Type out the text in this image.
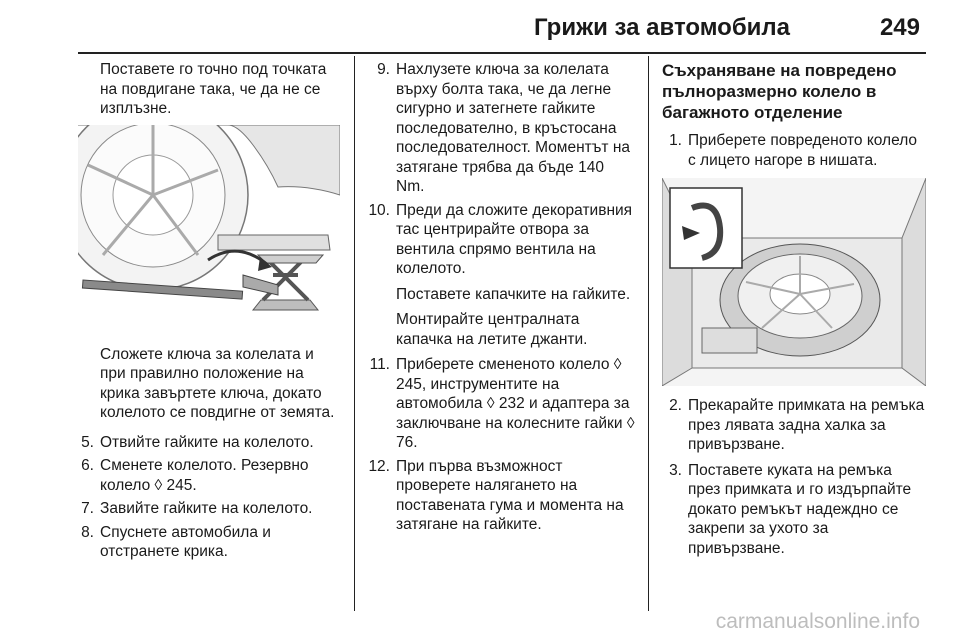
Грижи за автомобила	249

Поставете го точно под точката на повдигане така, че да не се изплъзне.

Сложете ключа за колелата и при правилно положение на крика завъртете ключа, докато колелото се повдигне от земята.

5. Отвийте гайките на колелото.
6. Сменете колелото. Резервно колело ◊ 245.
7. Завийте гайките на колелото.
8. Спуснете автомобила и отстранете крика.
9. Нахлузете ключа за колелата върху болта така, че да легне сигурно и затегнете гайките последователно, в кръстосана последователност. Моментът на затягане трябва да бъде 140 Nm.
10. Преди да сложите декоративния тас центрирайте отвора за вентила спрямо вентила на колелото.

Поставете капачките на гайките.

Монтирайте централната капачка на летите джанти.

11. Приберете смененото колело ◊ 245, инструментите на автомобила ◊ 232 и адаптера за заключване на колесните гайки ◊ 76.
12. При първа възможност проверете налягането на поставената гума и момента на затягане на гайките.

Съхраняване на повредено пълноразмерно колело в багажното отделение

1. Приберете повреденото колело с лицето нагоре в нишата.
2. Прекарайте примката на ремъка през лявата задна халка за привързване.
3. Поставете куката на ремъка през примката и го издърпайте докато ремъкът надеждно се закрепи за ухото за привързване.
carmanualsonline.info
